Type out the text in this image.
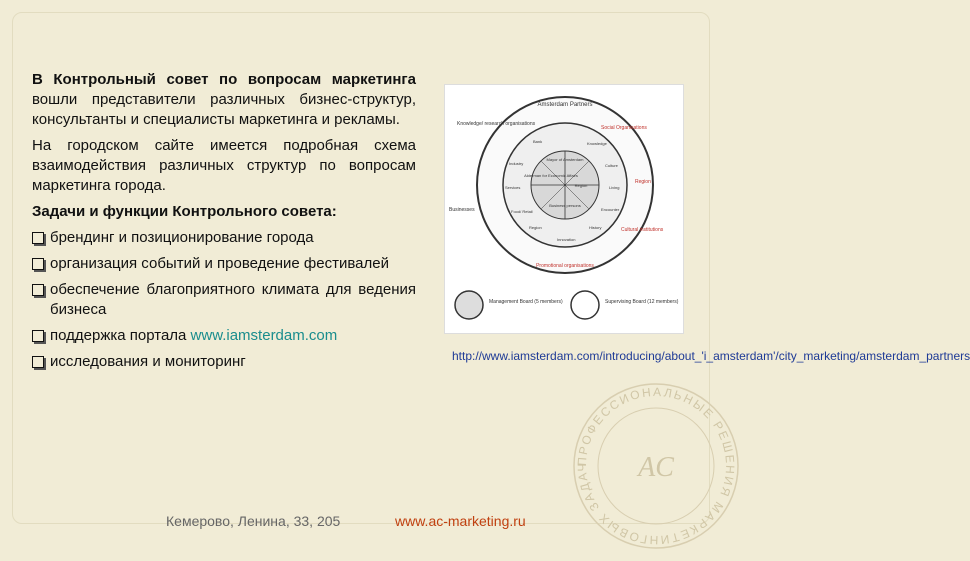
В Контрольный совет по вопросам маркетинга вошли представители различных бизнес-структур, консультанты и специалисты маркетинга и рекламы.

На городском сайте имеется подробная схема взаимодействия различных структур по вопросам маркетинга города.

Задачи и функции Контрольного совета:

брендинг и позиционирование города
организация событий и проведение фестивалей
обеспечение благоприятного климата для ведения бизнеса
поддержка портала www.iamsterdam.com
исследования и мониторинг
Amsterdam Partners
Knowledge/ research organisations
Social Organisations
Region
Businesses
Cultural institutions
Promotional organisations
Mayor of Amsterdam
Alderman for Economic Affairs
Region
Business persons
Bank	Knowledge
Industry	Culture
Services	Living
Food/ Retail	Encounter
Region	History
Innovation
Management Board (5 members)	Supervising Board (12 members)
http://www.iamsterdam.com/introducing/about_'i_amsterdam'/city_marketing/amsterdam_partners
ПРОФЕССИОНАЛЬНЫЕ РЕШЕНИЯ МАРКЕТИНГОВЫХ ЗАДАЧ	AC
Кемерово, Ленина, 33, 205	www.ac-marketing.ru
